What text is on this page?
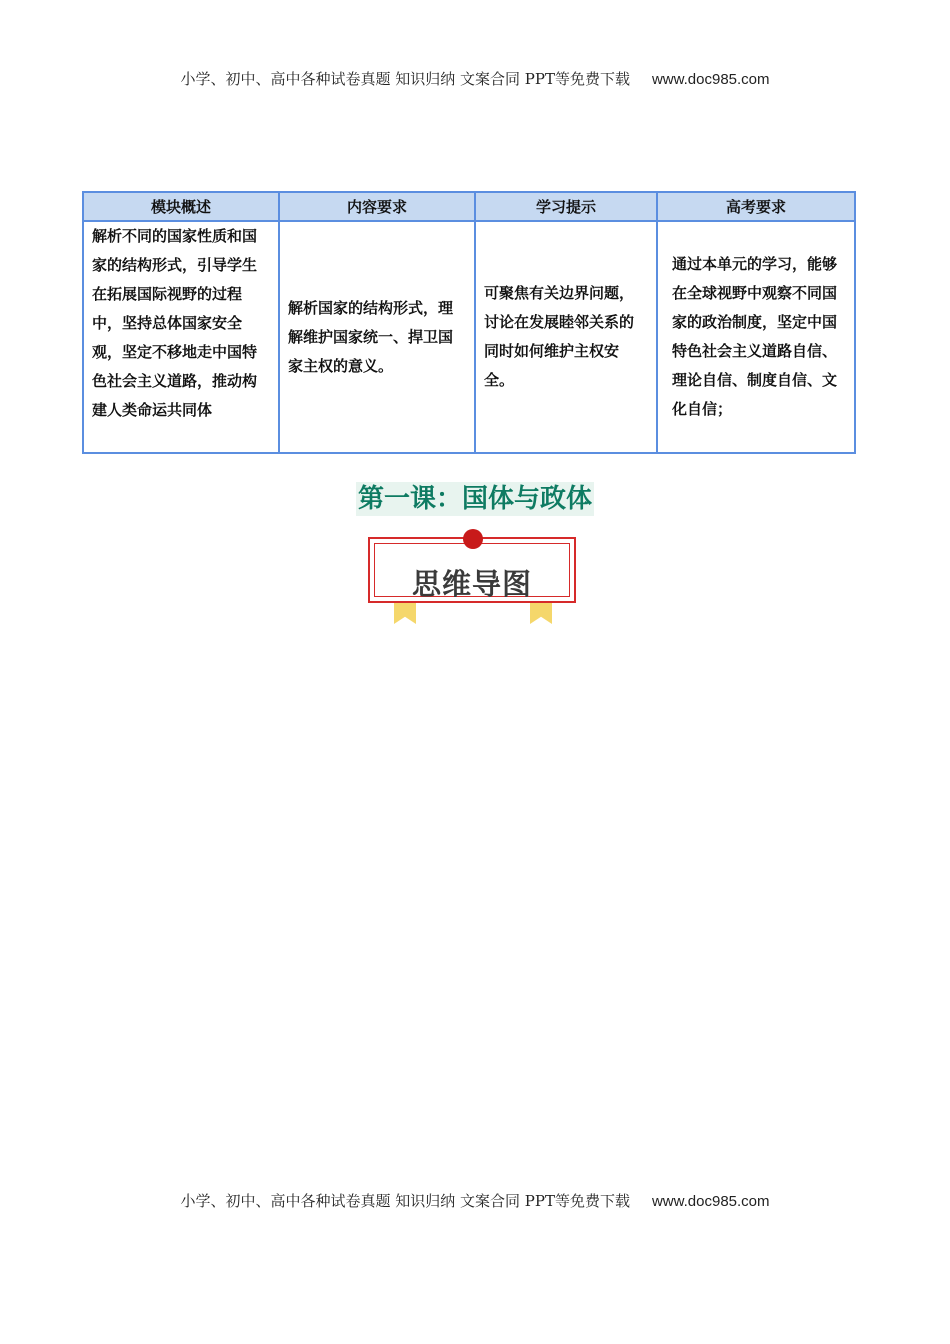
小学、初中、高中各种试卷真题 知识归纳 文案合同 PPT等免费下载 www.doc985.com
模块概述	内容要求	学习提示	高考要求
解析不同的国家性质和国家的结构形式，引导学生在拓展国际视野的过程中，坚持总体国家安全观，坚定不移地走中国特色社会主义道路，推动构建人类命运共同体	解析国家的结构形式，理解维护国家统一、捍卫国家主权的意义。	可聚焦有关边界问题，讨论在发展睦邻关系的同时如何维护主权安全。	通过本单元的学习，能够在全球视野中观察不同国家的政治制度，坚定中国特色社会主义道路自信、理论自信、制度自信、文化自信；
第一课：国体与政体
思维导图
小学、初中、高中各种试卷真题 知识归纳 文案合同 PPT等免费下载 www.doc985.com
